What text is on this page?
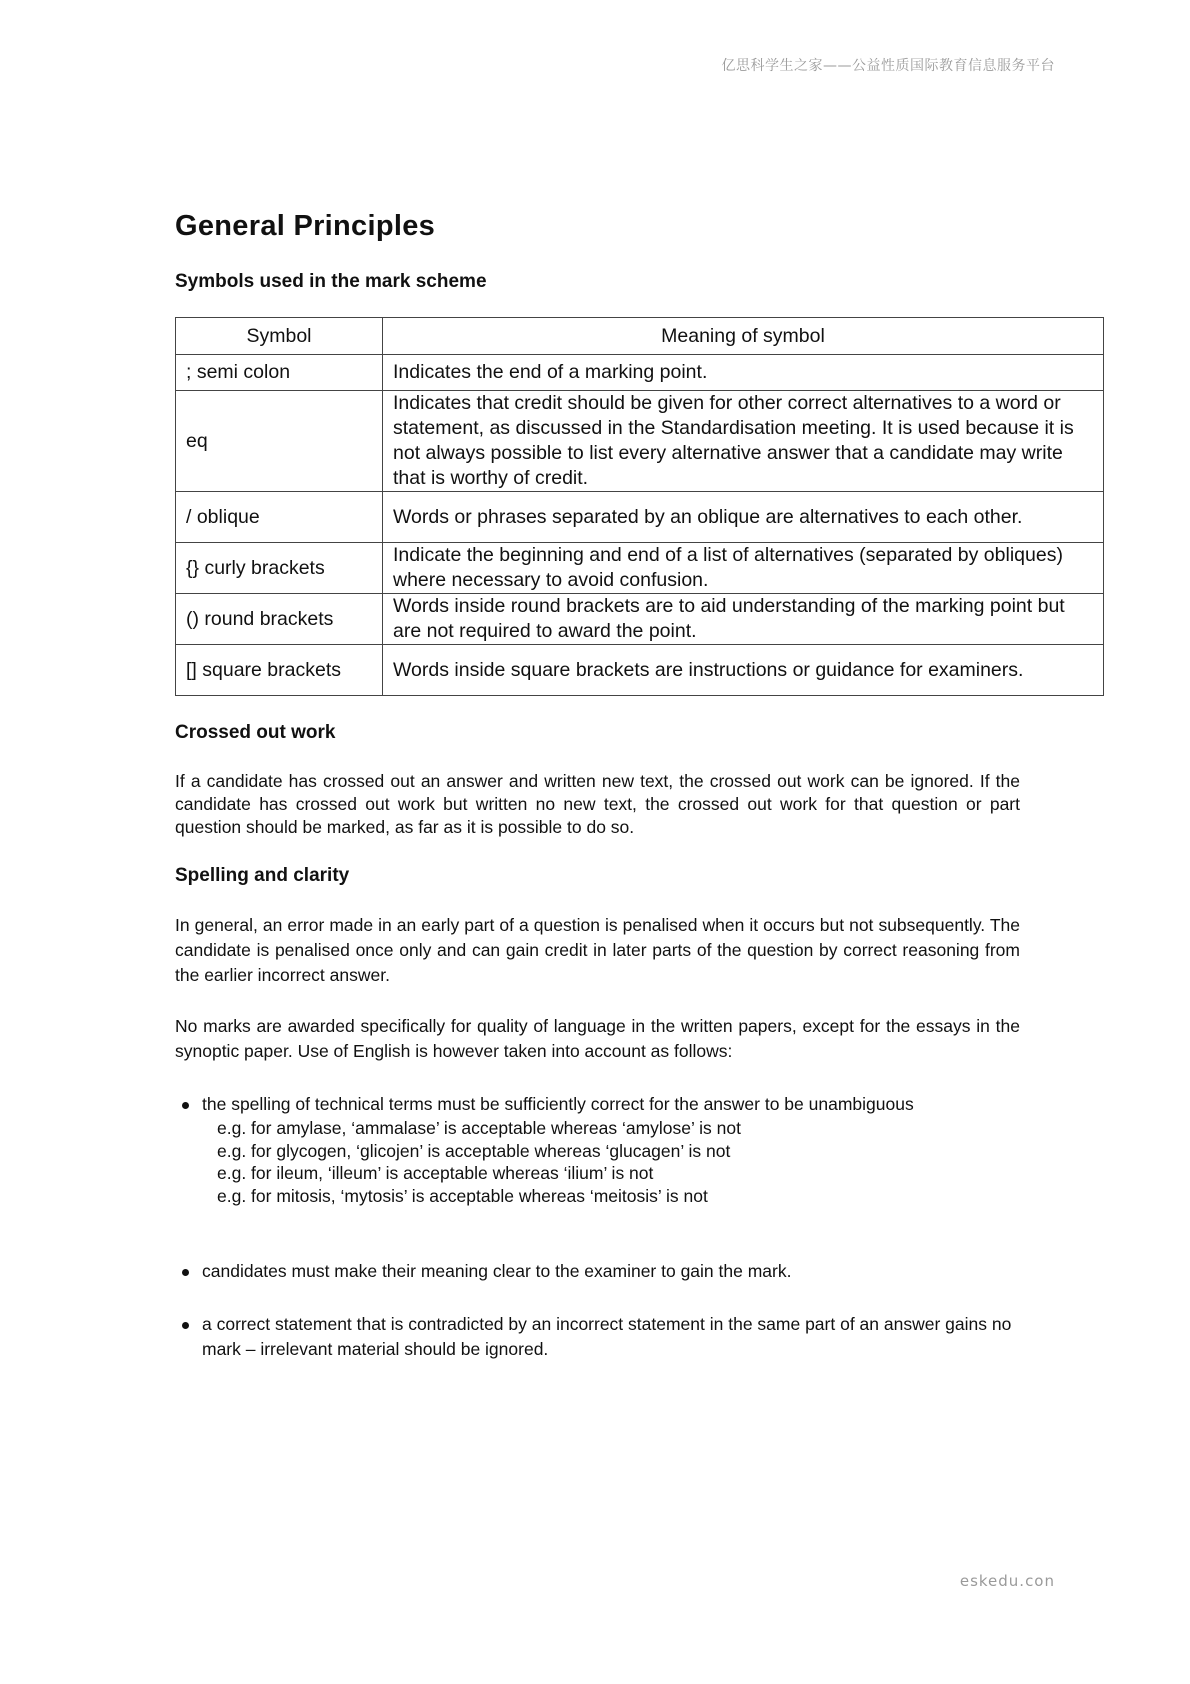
亿思科学生之家——公益性质国际教育信息服务平台
General Principles
Symbols used in the mark scheme
Symbol	Meaning of symbol
; semi colon	Indicates the end of a marking point.
eq	Indicates that credit should be given for other correct alternatives to a word or statement, as discussed in the Standardisation meeting. It is used because it is not always possible to list every alternative answer that a candidate may write that is worthy of credit.
/ oblique	Words or phrases separated by an oblique are alternatives to each other.
{} curly brackets	Indicate the beginning and end of a list of alternatives (separated by obliques) where necessary to avoid confusion.
() round brackets	Words inside round brackets are to aid understanding of the marking point but are not required to award the point.
[] square brackets	Words inside square brackets are instructions or guidance for examiners.
Crossed out work

If a candidate has crossed out an answer and written new text, the crossed out work can be ignored. If the candidate has crossed out work but written no new text, the crossed out work for that question or part question should be marked, as far as it is possible to do so.

Spelling and clarity

In general, an error made in an early part of a question is penalised when it occurs but not subsequently. The candidate is penalised once only and can gain credit in later parts of the question by correct reasoning from the earlier incorrect answer.

No marks are awarded specifically for quality of language in the written papers, except for the essays in the synoptic paper. Use of English is however taken into account as follows:

the spelling of technical terms must be sufficiently correct for the answer to be unambiguous
e.g. for amylase, ‘ammalase’ is acceptable whereas ‘amylose’ is not
e.g. for glycogen, ‘glicojen’ is acceptable whereas ‘glucagen’ is not
e.g. for ileum, ‘illeum’ is acceptable whereas ‘ilium’ is not
e.g. for mitosis, ‘mytosis’ is acceptable whereas ‘meitosis’ is not
candidates must make their meaning clear to the examiner to gain the mark.
a correct statement that is contradicted by an incorrect statement in the same part of an answer gains no mark – irrelevant material should be ignored.
eskedu.con
